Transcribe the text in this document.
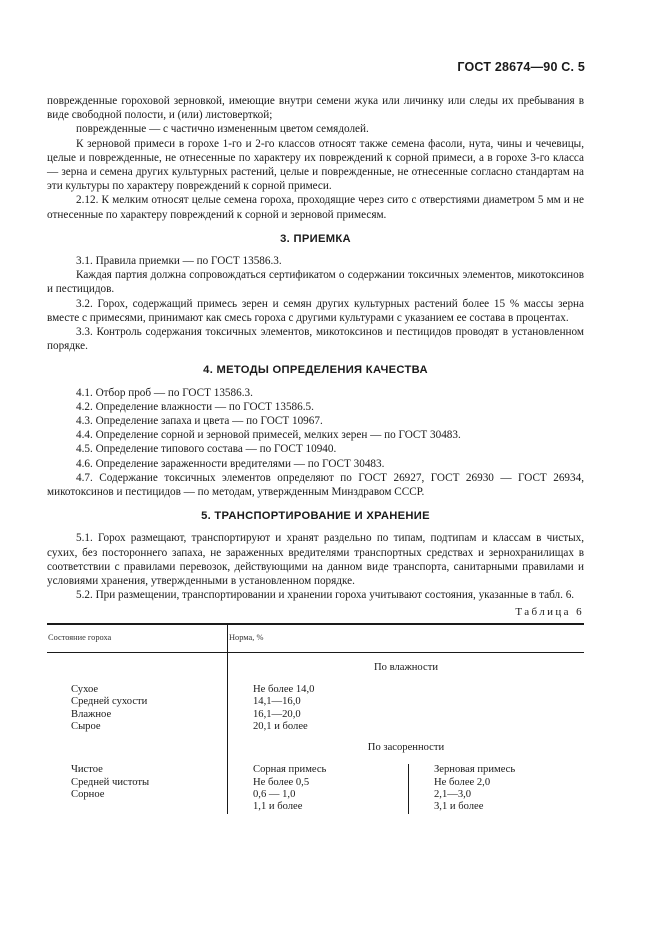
ГОСТ 28674—90 С. 5

поврежденные гороховой зерновкой, имеющие внутри семени жука или личинку или следы их пребывания в виде свободной полости, и (или) листоверткой;

поврежденные — с частично измененным цветом семядолей.

К зерновой примеси в горохе 1-го и 2-го классов относят также семена фасоли, нута, чины и чечевицы, целые и поврежденные, не отнесенные по характеру их повреждений к сорной примеси, а в горохе 3-го класса — зерна и семена других культурных растений, целые и поврежденные, не отнесенные согласно стандартам на эти культуры по характеру повреждений к сорной примеси.

2.12. К мелким относят целые семена гороха, проходящие через сито с отверстиями диаметром 5 мм и не отнесенные по характеру повреждений к сорной и зерновой примесям.

3. ПРИЕМКА

3.1. Правила приемки — по ГОСТ 13586.3.

Каждая партия должна сопровождаться сертификатом о содержании токсичных элементов, микотоксинов и пестицидов.

3.2. Горох, содержащий примесь зерен и семян других культурных растений более 15 % массы зерна вместе с примесями, принимают как смесь гороха с другими культурами с указанием ее состава в процентах.

3.3. Контроль содержания токсичных элементов, микотоксинов и пестицидов проводят в установленном порядке.

4. МЕТОДЫ ОПРЕДЕЛЕНИЯ КАЧЕСТВА

4.1. Отбор проб — по ГОСТ 13586.3.

4.2. Определение влажности — по ГОСТ 13586.5.

4.3. Определение запаха и цвета — по ГОСТ 10967.

4.4. Определение сорной и зерновой примесей, мелких зерен — по ГОСТ 30483.

4.5. Определение типового состава — по ГОСТ 10940.

4.6. Определение зараженности вредителями — по ГОСТ 30483.

4.7. Содержание токсичных элементов определяют по ГОСТ 26927, ГОСТ 26930 — ГОСТ 26934, микотоксинов и пестицидов — по методам, утвержденным Минздравом СССР.

5. ТРАНСПОРТИРОВАНИЕ И ХРАНЕНИЕ

5.1. Горох размещают, транспортируют и хранят раздельно по типам, подтипам и классам в чистых, сухих, без постороннего запаха, не зараженных вредителями транспортных средствах и зернохранилищах в соответствии с правилами перевозок, действующими на данном виде транспорта, санитарными правилами и условиями хранения, утвержденными в установленном порядке.

5.2. При размещении, транспортировании и хранении гороха учитывают состояния, указанные в табл. 6.

Таблица 6
Состояние гороха	Норма, %	
	По влажности	
Сухое	Не более 14,0	
Средней сухости	14,1—16,0	
Влажное	16,1—20,0	
Сырое	20,1 и более	
	По засоренности	
Чистое	Сорная примесь	Зерновая примесь
Средней чистоты	Не более 0,5	Не более 2,0
Сорное	0,6 — 1,0	2,1—3,0
	1,1 и более	3,1 и более
